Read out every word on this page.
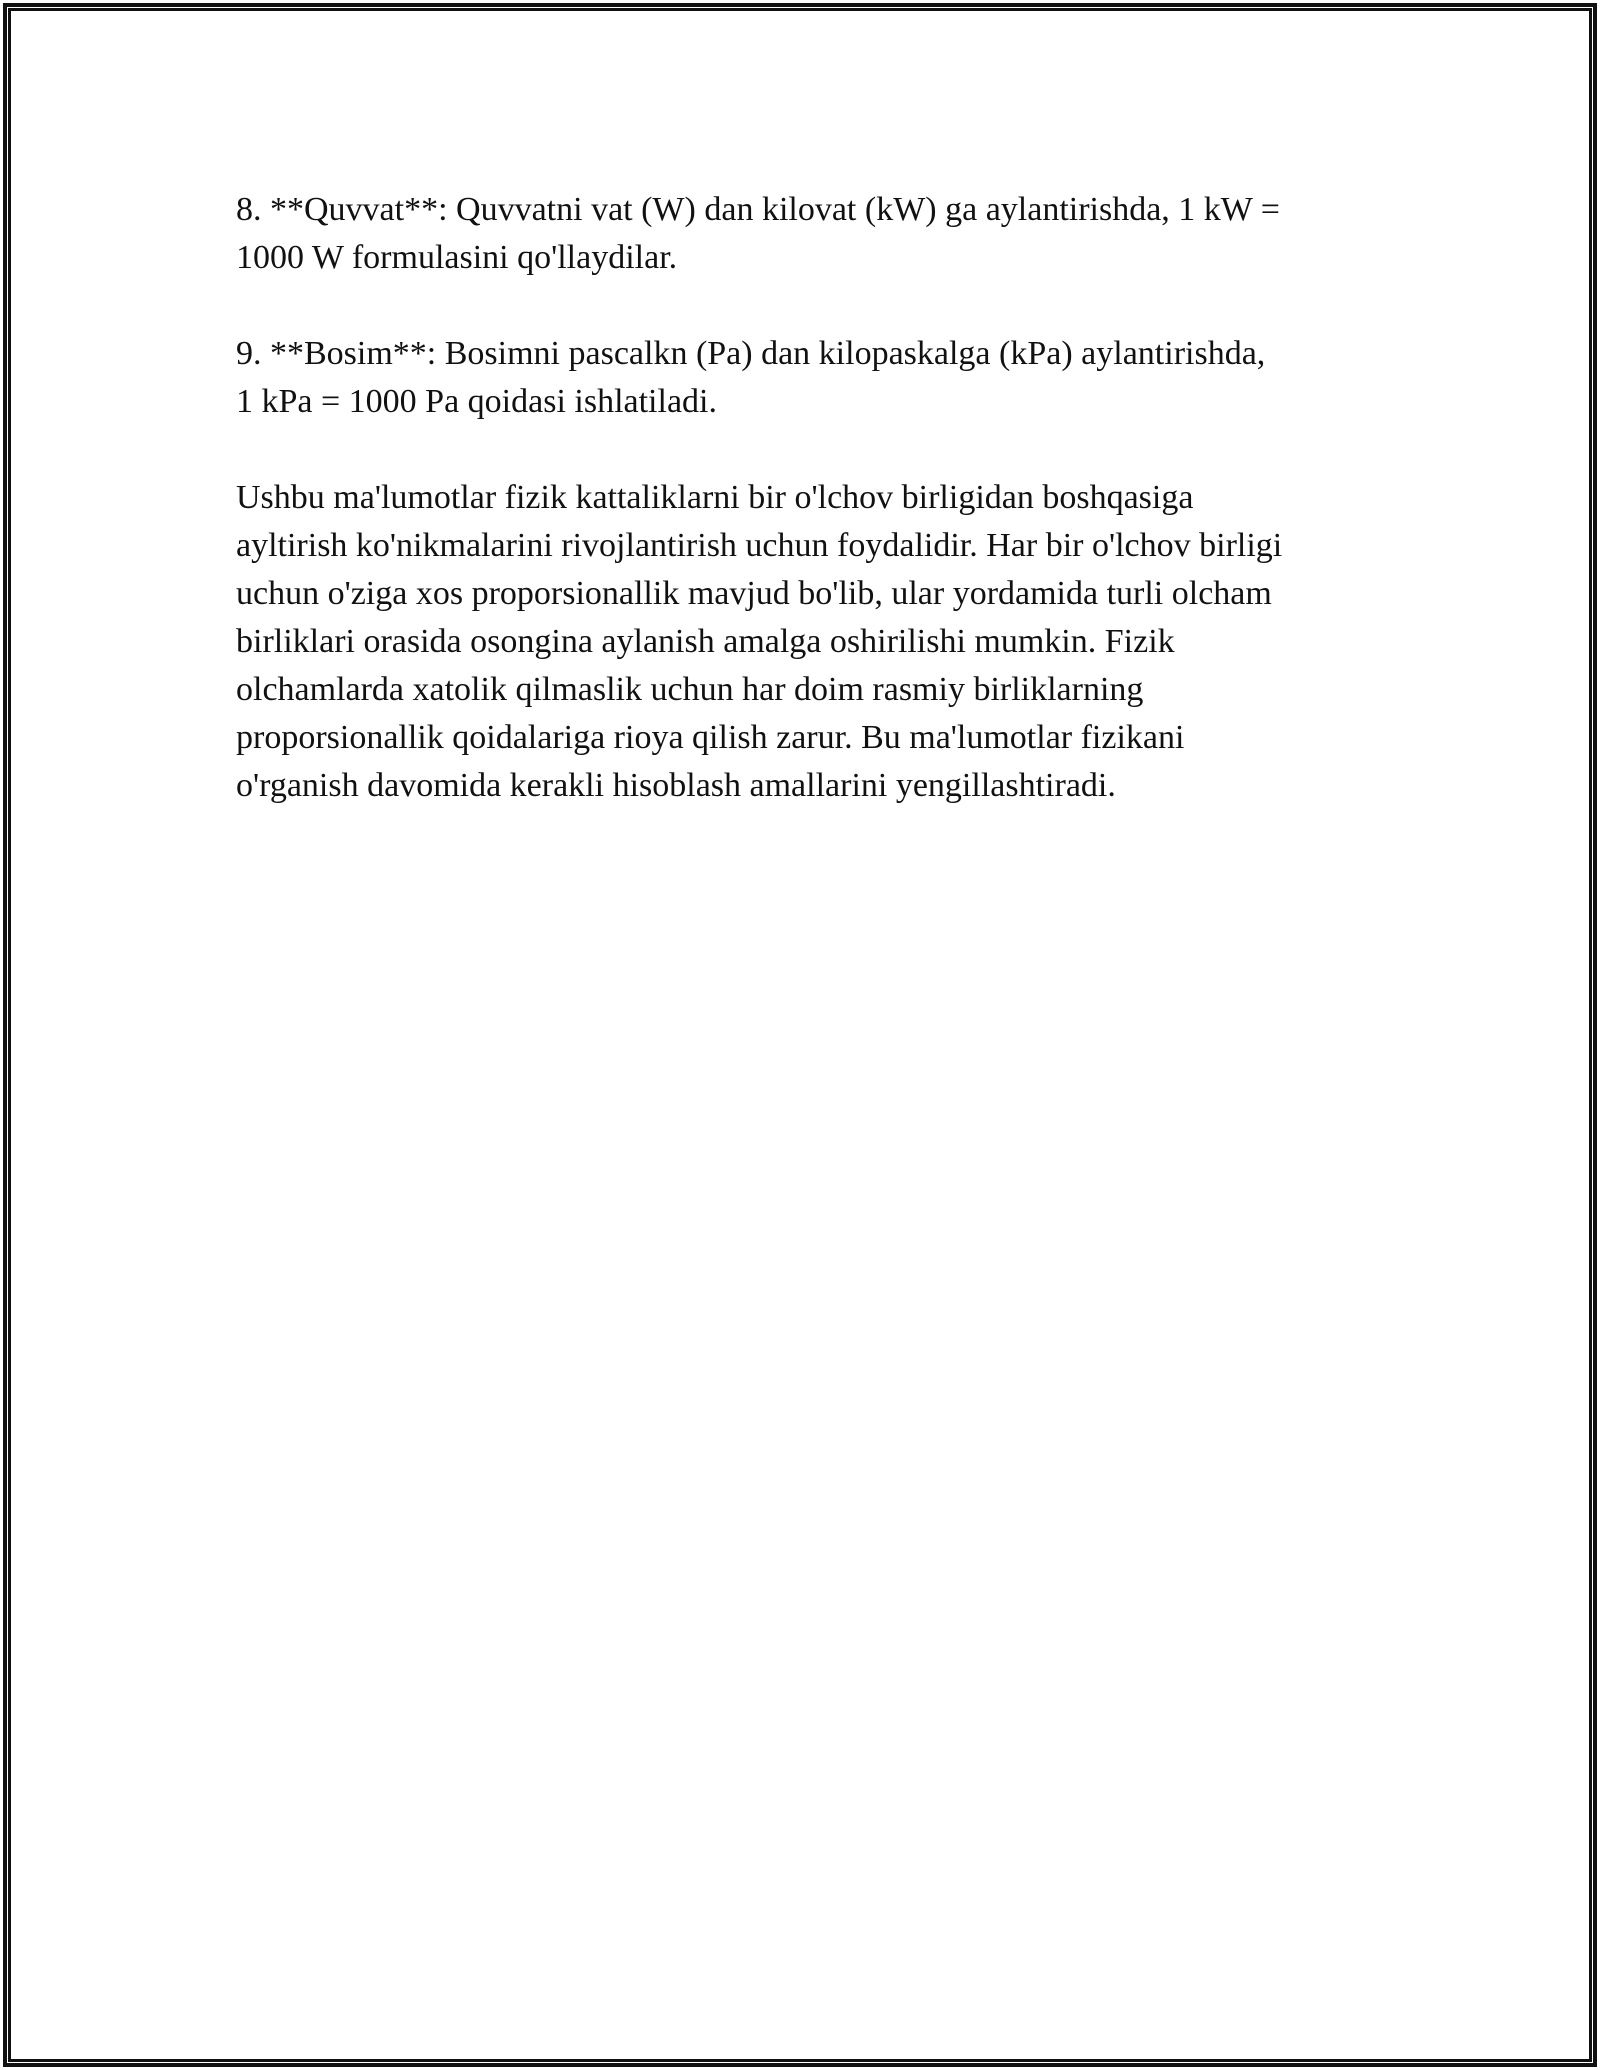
8. **Quvvat**: Quvvatni vat (W) dan kilovat (kW) ga aylantirishda, 1 kW =
1000 W formulasini qo'llaydilar.

9. **Bosim**: Bosimni pascalkn (Pa) dan kilopaskalga (kPa) aylantirishda,
1 kPa = 1000 Pa qoidasi ishlatiladi.

Ushbu ma'lumotlar fizik kattaliklarni bir o'lchov birligidan boshqasiga
ayltirish ko'nikmalarini rivojlantirish uchun foydalidir. Har bir o'lchov birligi
uchun o'ziga xos proporsionallik mavjud bo'lib, ular yordamida turli olcham
birliklari orasida osongina aylanish amalga oshirilishi mumkin. Fizik
olchamlarda xatolik qilmaslik uchun har doim rasmiy birliklarning
proporsionallik qoidalariga rioya qilish zarur. Bu ma'lumotlar fizikani
o'rganish davomida kerakli hisoblash amallarini yengillashtiradi.
